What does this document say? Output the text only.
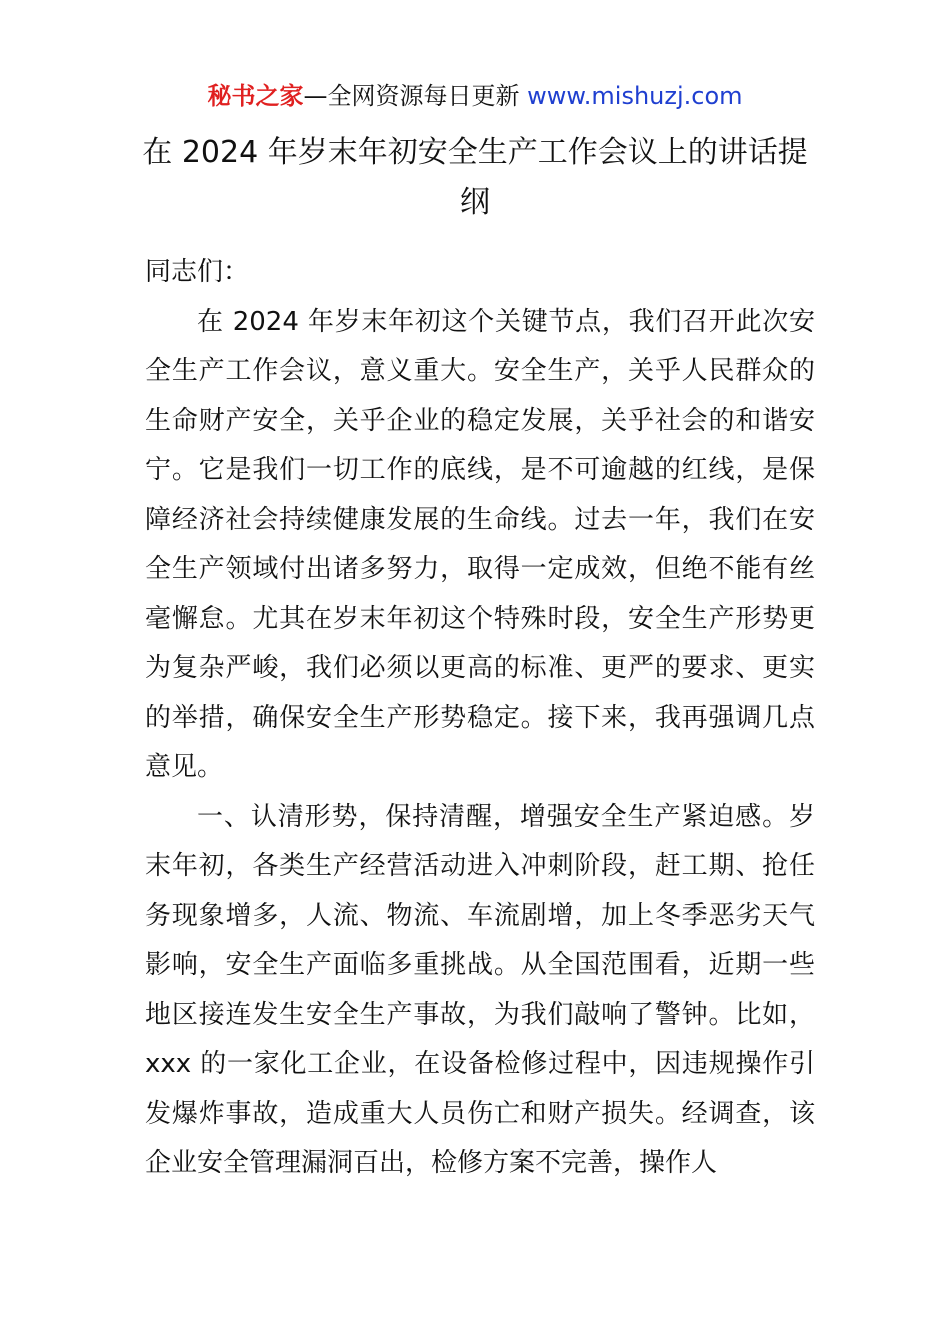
秘书之家—全网资源每日更新 www.mishuzj.com
在 2024 年岁末年初安全生产工作会议上的讲话提纲

同志们：

在 2024 年岁末年初这个关键节点，我们召开此次安全生产工作会议，意义重大。安全生产，关乎人民群众的生命财产安全，关乎企业的稳定发展，关乎社会的和谐安宁。它是我们一切工作的底线，是不可逾越的红线，是保障经济社会持续健康发展的生命线。过去一年，我们在安全生产领域付出诸多努力，取得一定成效，但绝不能有丝毫懈怠。尤其在岁末年初这个特殊时段，安全生产形势更为复杂严峻，我们必须以更高的标准、更严的要求、更实的举措，确保安全生产形势稳定。接下来，我再强调几点意见。

一、认清形势，保持清醒，增强安全生产紧迫感。岁末年初，各类生产经营活动进入冲刺阶段，赶工期、抢任务现象增多，人流、物流、车流剧增，加上冬季恶劣天气影响，安全生产面临多重挑战。从全国范围看，近期一些地区接连发生安全生产事故，为我们敲响了警钟。比如，xxx 的一家化工企业，在设备检修过程中，因违规操作引发爆炸事故，造成重大人员伤亡和财产损失。经调查，该企业安全管理漏洞百出，检修方案不完善，操作人
